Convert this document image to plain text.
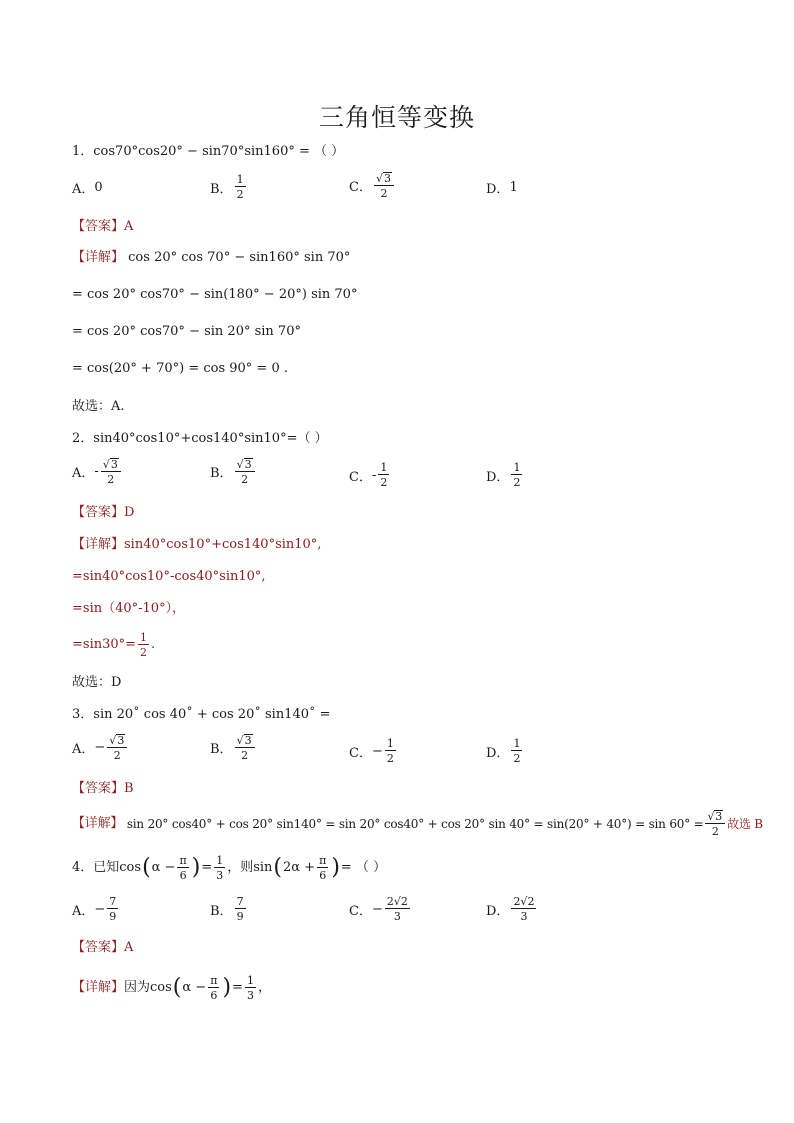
三角恒等变换
1． cos70°cos20° − sin70°sin160° = （ ）
A． 0	B． $\frac{1}{2}$	C． $\frac{√ 3}{2}$	D． 1
【答案】 A
【详解】
cos 20° cos 70° − sin160° sin 70°
= cos 20° cos70° − sin(180° − 20°) sin 70°
= cos 20° cos70° − sin 20° sin 70°
= cos(20° + 70°) = cos 90° = 0 .
故选：A.
2． sin40°cos10°+cos140°sin10°=（ ）
A． - $\frac{√ 3}{2}$	B． $\frac{√ 3}{2}$	C． - $\frac{1}{2}$	D． $\frac{1}{2}$
【答案】 D
【详解】 sin40°cos10°+cos140°sin10°,
=sin40°cos10°-cos40°sin10°,
=sin（40°-10°），
$=\sin 30^\circ= \frac{1}{2}$ .
故选：D
3． sin 20˚ cos 40˚ + cos 20˚ sin140˚ =
A． − $\frac{√ 3}{2}$	B． $\frac{√ 3}{2}$	C． − $\frac{1}{2}$	D． $\frac{1}{2}$
【答案】 B
【详解】
sin 20° cos40° + cos 20° sin140° = sin 20° cos40° + cos 20° $\sin 40^\circ = \sin(20^\circ + 40^\circ) = \sin 60^\circ = \frac{√ 3}{2}$ 故选 B
4． 已知cos ( $\alpha - \frac{\pi}{6}$ ) = $\frac{1}{3}$ ，则sin ( $2\alpha + \frac{\pi}{6}$ ) = （ ）
A． − $\frac{7}{9}$	B． $\frac{7}{9}$	C． − $\frac{2√2}{3}$	D． $\frac{2√2}{3}$
【答案】 A
【详解】 因为cos ( $\alpha - \frac{\pi}{6}$ ) = $\frac{1}{3}$ ，
